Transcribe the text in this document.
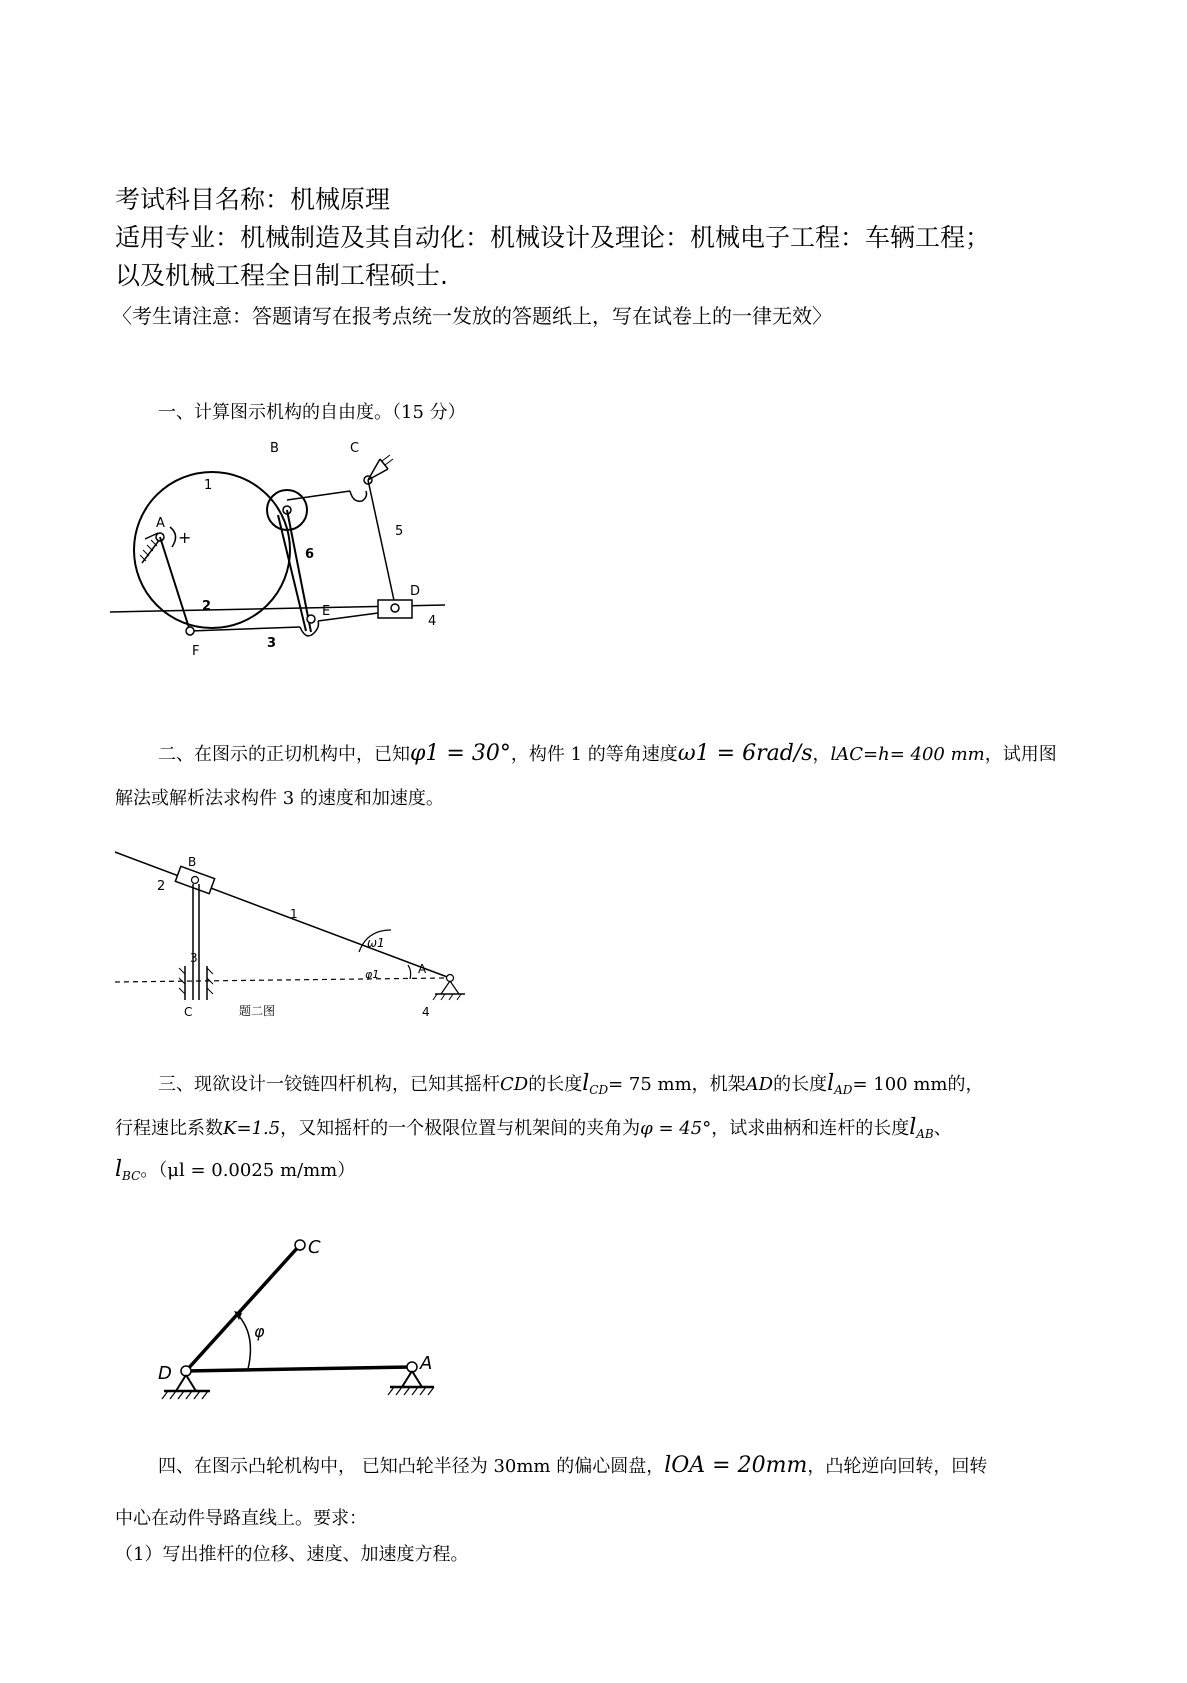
考试科目名称：机械原理
适用专业：机械制造及其自动化：机械设计及理论：机械电子工程：车辆工程；
以及机械工程全日制工程硕士.
〈考生请注意：答题请写在报考点统一发放的答题纸上，写在试卷上的一律无效〉
一、计算图示机构的自由度。（15 分）
A
+
1
B	C
6
5
D
4
2	E
3
F
二、在图示的正切机构中，已知φ1 = 30°，构件 1 的等角速度ω1 = 6rad/s，lAC=h= 400 mm，试用图
解法或解析法求构件 3 的速度和加速度。
B
2
1
ω1
φ1	A
3
C	题二图	4
三、现欲设计一铰链四杆机构，已知其摇杆CD的长度$l_{CD}= 75$ mm，机架AD的长度$l_{AD}= 100$ mm的，
行程速比系数K=1.5，又知摇杆的一个极限位置与机架间的夹角为φ = 45°，试求曲柄和连杆的长度$l_{AB}$、
$l_{BC}$。（μl = 0.0025 m/mm）
C
φ
D	A
四、在图示凸轮机构中， 已知凸轮半径为 30mm 的偏心圆盘，lOA = 20mm，凸轮逆向回转，回转
中心在动件导路直线上。要求：
（1）写出推杆的位移、速度、加速度方程。
